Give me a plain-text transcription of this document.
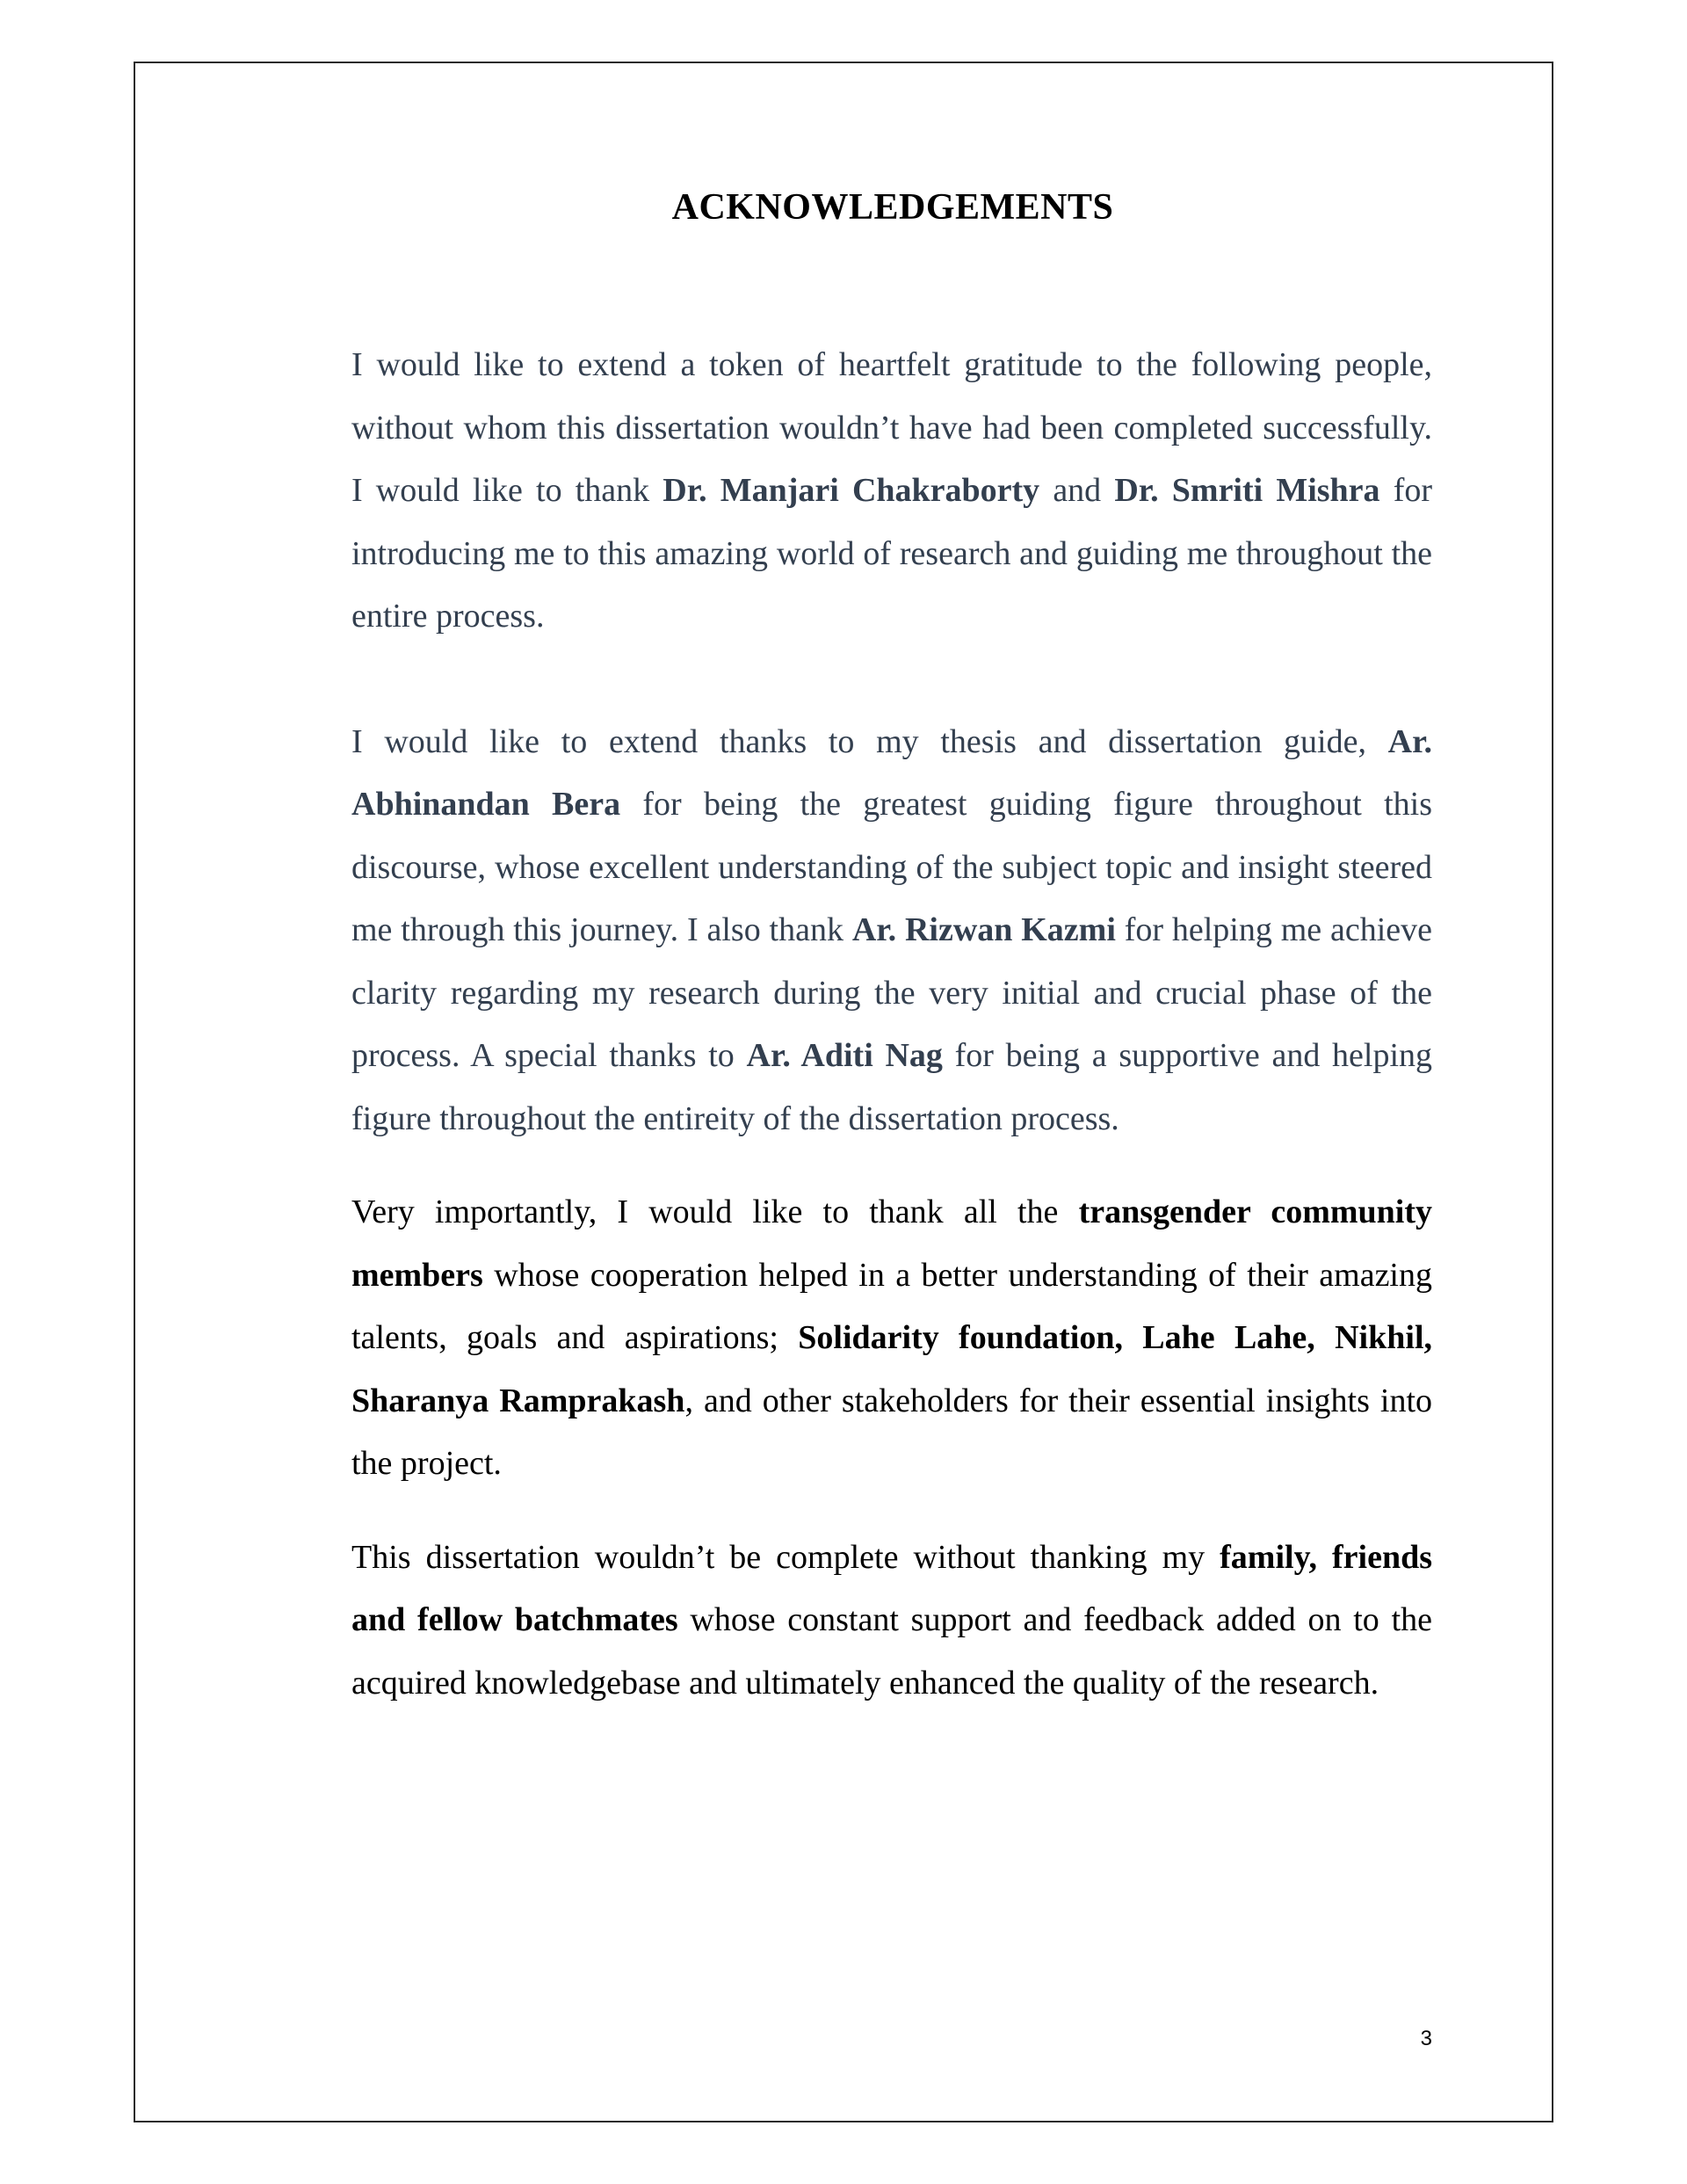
ACKNOWLEDGEMENTS

I would like to extend a token of heartfelt gratitude to the following people, without whom this dissertation wouldn’t have had been completed successfully. I would like to thank Dr. Manjari Chakraborty and Dr. Smriti Mishra for introducing me to this amazing world of research and guiding me throughout the entire process.

I would like to extend thanks to my thesis and dissertation guide, Ar. Abhinandan Bera for being the greatest guiding figure throughout this discourse, whose excellent understanding of the subject topic and insight steered me through this journey. I also thank Ar. Rizwan Kazmi for helping me achieve clarity regarding my research during the very initial and crucial phase of the process. A special thanks to Ar. Aditi Nag for being a supportive and helping figure throughout the entireity of the dissertation process.

Very importantly, I would like to thank all the transgender community members whose cooperation helped in a better understanding of their amazing talents, goals and aspirations; Solidarity foundation, Lahe Lahe, Nikhil, Sharanya Ramprakash, and other stakeholders for their essential insights into the project.

This dissertation wouldn’t be complete without thanking my family, friends and fellow batchmates whose constant support and feedback added on to the acquired knowledgebase and ultimately enhanced the quality of the research.

3
